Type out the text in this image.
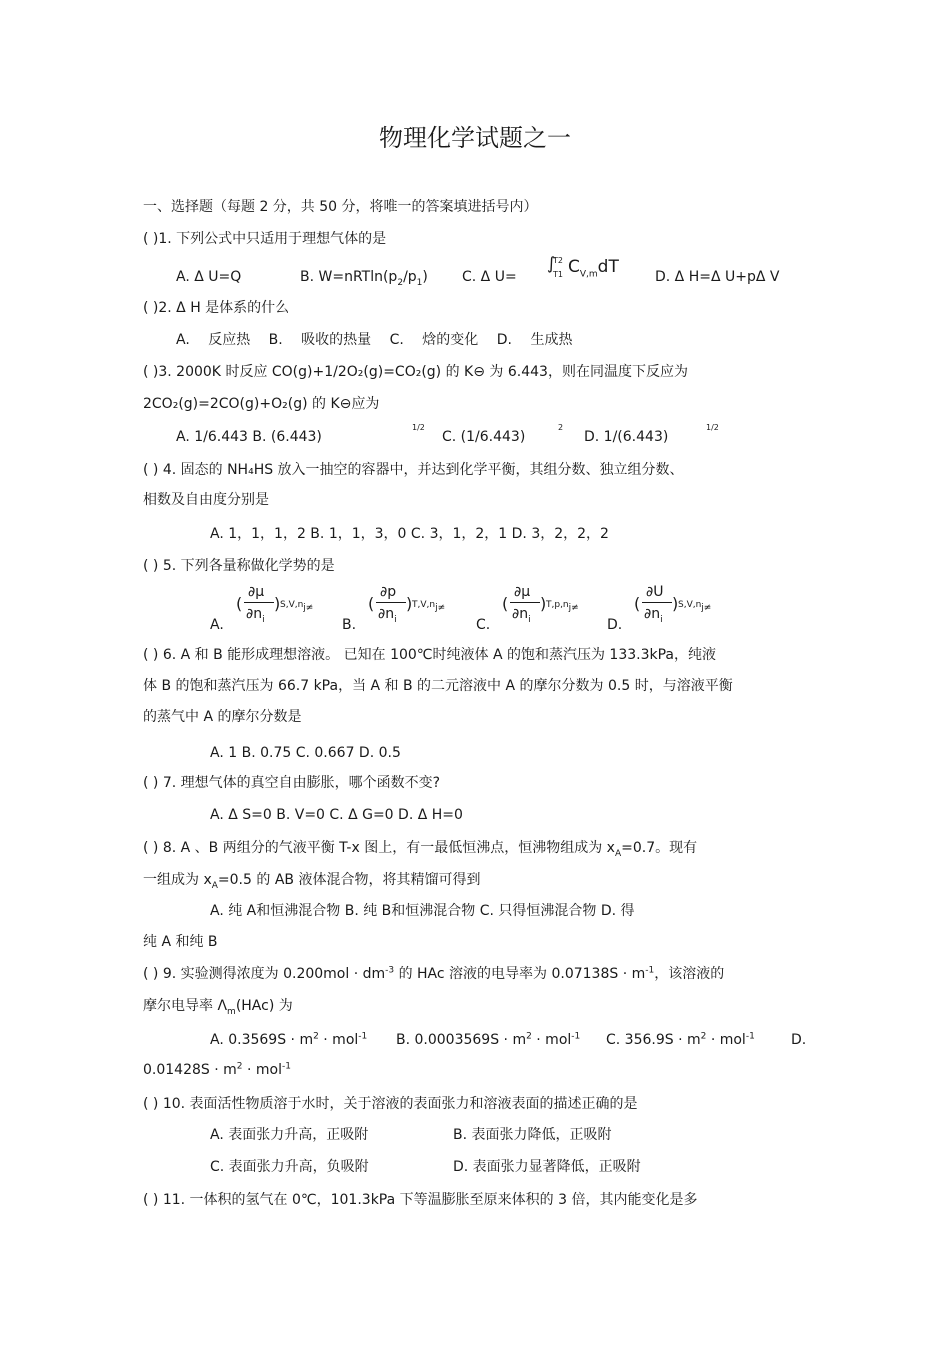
物理化学试题之一
一、选择题（每题 2 分，共 50 分，将唯一的答案填进括号内）
( )1. 下列公式中只适用于理想气体的是
A. Δ U=Q	B. $W=nRTln(p_2/p_1)$ C. Δ U=
T2
T1
∫ $C_{V,m}dT$	D. Δ H=Δ U+pΔ V
( )2. Δ H 是体系的什么
A. 反应热 B. 吸收的热量 C. 焓的变化 D. 生成热
( )3. 2000K 时反应 CO(g)+1/2O₂(g)=CO₂(g) 的 K⊖ 为 6.443，则在同温度下反应为
2CO₂(g)=2CO(g)+O₂(g) 的 K⊖应为
A. 1/6.443 B. (6.443)
1/2
C. (1/6.443)
2
D. 1/(6.443)
1/2
( ) 4. 固态的 NH₄HS 放入一抽空的容器中，并达到化学平衡，其组分数、独立组分数、
相数及自由度分别是
A. 1，1，1，2 B. 1，1，3，0 C. 3，1，2，1 D. 3，2，2，2
( ) 5. 下列各量称做化学势的是
A.
(
∂μ
$\partial n_i$
) $S,V,n_{j\ne}$
B.
(
∂p
$\partial n_i$
) $T,V,n_{j\ne}$
C.
(
∂μ
$\partial n_i$
) $T,p,n_{j\ne}$
D.
(
∂U
$\partial n_i$
) $S,V,n_{j\ne}$
( ) 6. A 和 B 能形成理想溶液。 已知在 100℃时纯液体 A 的饱和蒸汽压为 133.3kPa，纯液
体 B 的饱和蒸汽压为 66.7 kPa，当 A 和 B 的二元溶液中 A 的摩尔分数为 0.5 时，与溶液平衡
的蒸气中 A 的摩尔分数是
A. 1 B. 0.75 C. 0.667 D. 0.5
( ) 7. 理想气体的真空自由膨胀，哪个函数不变?
A. Δ S=0 B. V=0 C. Δ G=0 D. Δ H=0
( ) 8. A 、B 两组分的气液平衡 T-x 图上，有一最低恒沸点，恒沸物组成为 $x_A=0.7$。现有
一组成为 $x_A=0.5$ 的 AB 液体混合物，将其精馏可得到
A. 纯 A和恒沸混合物 B. 纯 B和恒沸混合物 C. 只得恒沸混合物 D. 得
纯 A 和纯 B
( ) 9. 实验测得浓度为 $0.200mol \cdot dm^{-3}$ 的 HAc 溶液的电导率为 $0.07138S \cdot m^{-1}$，该溶液的
摩尔电导率 $\Lambda_m(HAc)$ 为
A. $0.3569S \cdot m^2 \cdot mol^{-1}$ B. $0.0003569S \cdot m^2 \cdot mol^{-1}$ C. $356.9S \cdot m^2 \cdot mol^{-1}$	D.
$0.01428S \cdot m^2 \cdot mol^{-1}$
( ) 10. 表面活性物质溶于水时，关于溶液的表面张力和溶液表面的描述正确的是
A. 表面张力升高，正吸附	B. 表面张力降低，正吸附
C. 表面张力升高，负吸附	D. 表面张力显著降低，正吸附
( ) 11. 一体积的氢气在 0℃，101.3kPa 下等温膨胀至原来体积的 3 倍，其内能变化是多
